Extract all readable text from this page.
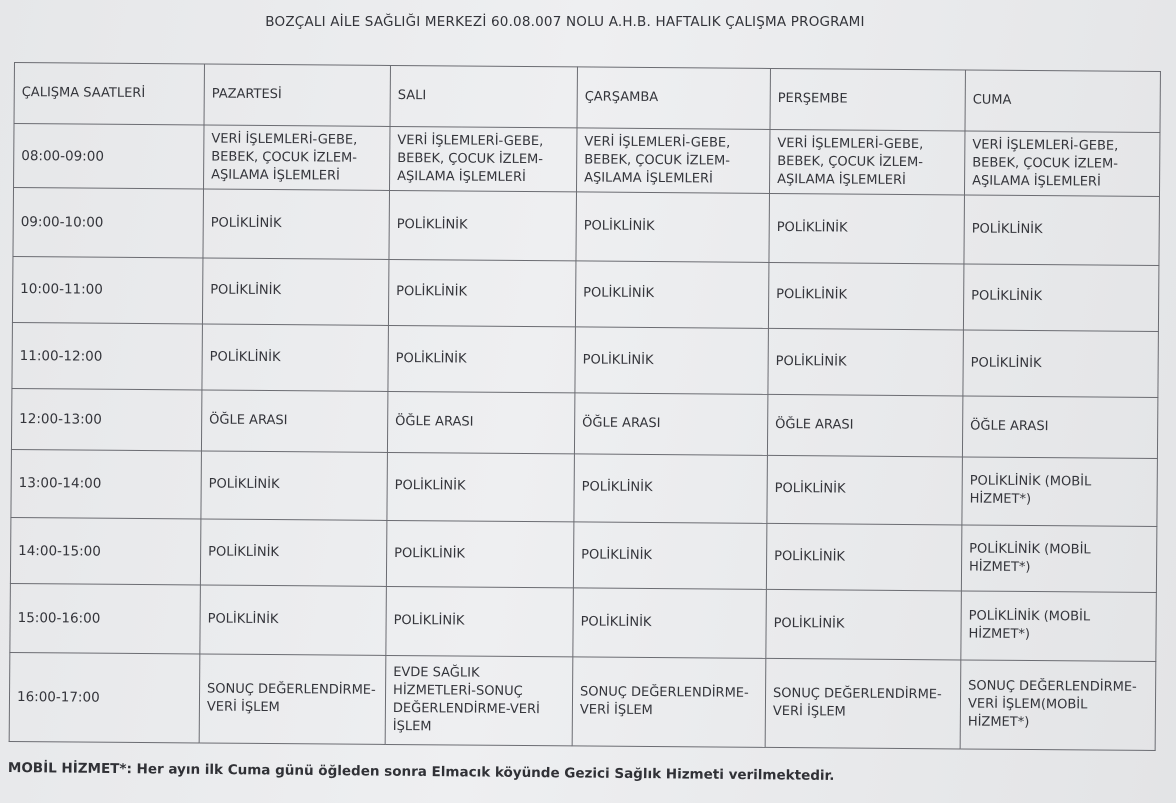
BOZÇALI AİLE SAĞLIĞI MERKEZİ 60.08.007 NOLU A.H.B. HAFTALIK ÇALIŞMA PROGRAMI
ÇALIŞMA SAATLERİ	PAZARTESİ	SALI	ÇARŞAMBA	PERŞEMBE	CUMA
08:00-09:00	VERİ İŞLEMLERİ-GEBE, BEBEK, ÇOCUK İZLEM-AŞILAMA İŞLEMLERİ	VERİ İŞLEMLERİ-GEBE, BEBEK, ÇOCUK İZLEM-AŞILAMA İŞLEMLERİ	VERİ İŞLEMLERİ-GEBE, BEBEK, ÇOCUK İZLEM-AŞILAMA İŞLEMLERİ	VERİ İŞLEMLERİ-GEBE, BEBEK, ÇOCUK İZLEM-AŞILAMA İŞLEMLERİ	VERİ İŞLEMLERİ-GEBE, BEBEK, ÇOCUK İZLEM-AŞILAMA İŞLEMLERİ
09:00-10:00	POLİKLİNİK	POLİKLİNİK	POLİKLİNİK	POLİKLİNİK	POLİKLİNİK
10:00-11:00	POLİKLİNİK	POLİKLİNİK	POLİKLİNİK	POLİKLİNİK	POLİKLİNİK
11:00-12:00	POLİKLİNİK	POLİKLİNİK	POLİKLİNİK	POLİKLİNİK	POLİKLİNİK
12:00-13:00	ÖĞLE ARASI	ÖĞLE ARASI	ÖĞLE ARASI	ÖĞLE ARASI	ÖĞLE ARASI
13:00-14:00	POLİKLİNİK	POLİKLİNİK	POLİKLİNİK	POLİKLİNİK	POLİKLİNİK (MOBİL HİZMET*)
14:00-15:00	POLİKLİNİK	POLİKLİNİK	POLİKLİNİK	POLİKLİNİK	POLİKLİNİK (MOBİL HİZMET*)
15:00-16:00	POLİKLİNİK	POLİKLİNİK	POLİKLİNİK	POLİKLİNİK	POLİKLİNİK (MOBİL HİZMET*)
16:00-17:00	SONUÇ DEĞERLENDİRME-VERİ İŞLEM	EVDE SAĞLIK HİZMETLERİ-SONUÇ DEĞERLENDİRME-VERİ İŞLEM	SONUÇ DEĞERLENDİRME-VERİ İŞLEM	SONUÇ DEĞERLENDİRME-VERİ İŞLEM	SONUÇ DEĞERLENDİRME-VERİ İŞLEM(MOBİL HİZMET*)
MOBİL HİZMET*: Her ayın ilk Cuma günü öğleden sonra Elmacık köyünde Gezici Sağlık Hizmeti verilmektedir.
